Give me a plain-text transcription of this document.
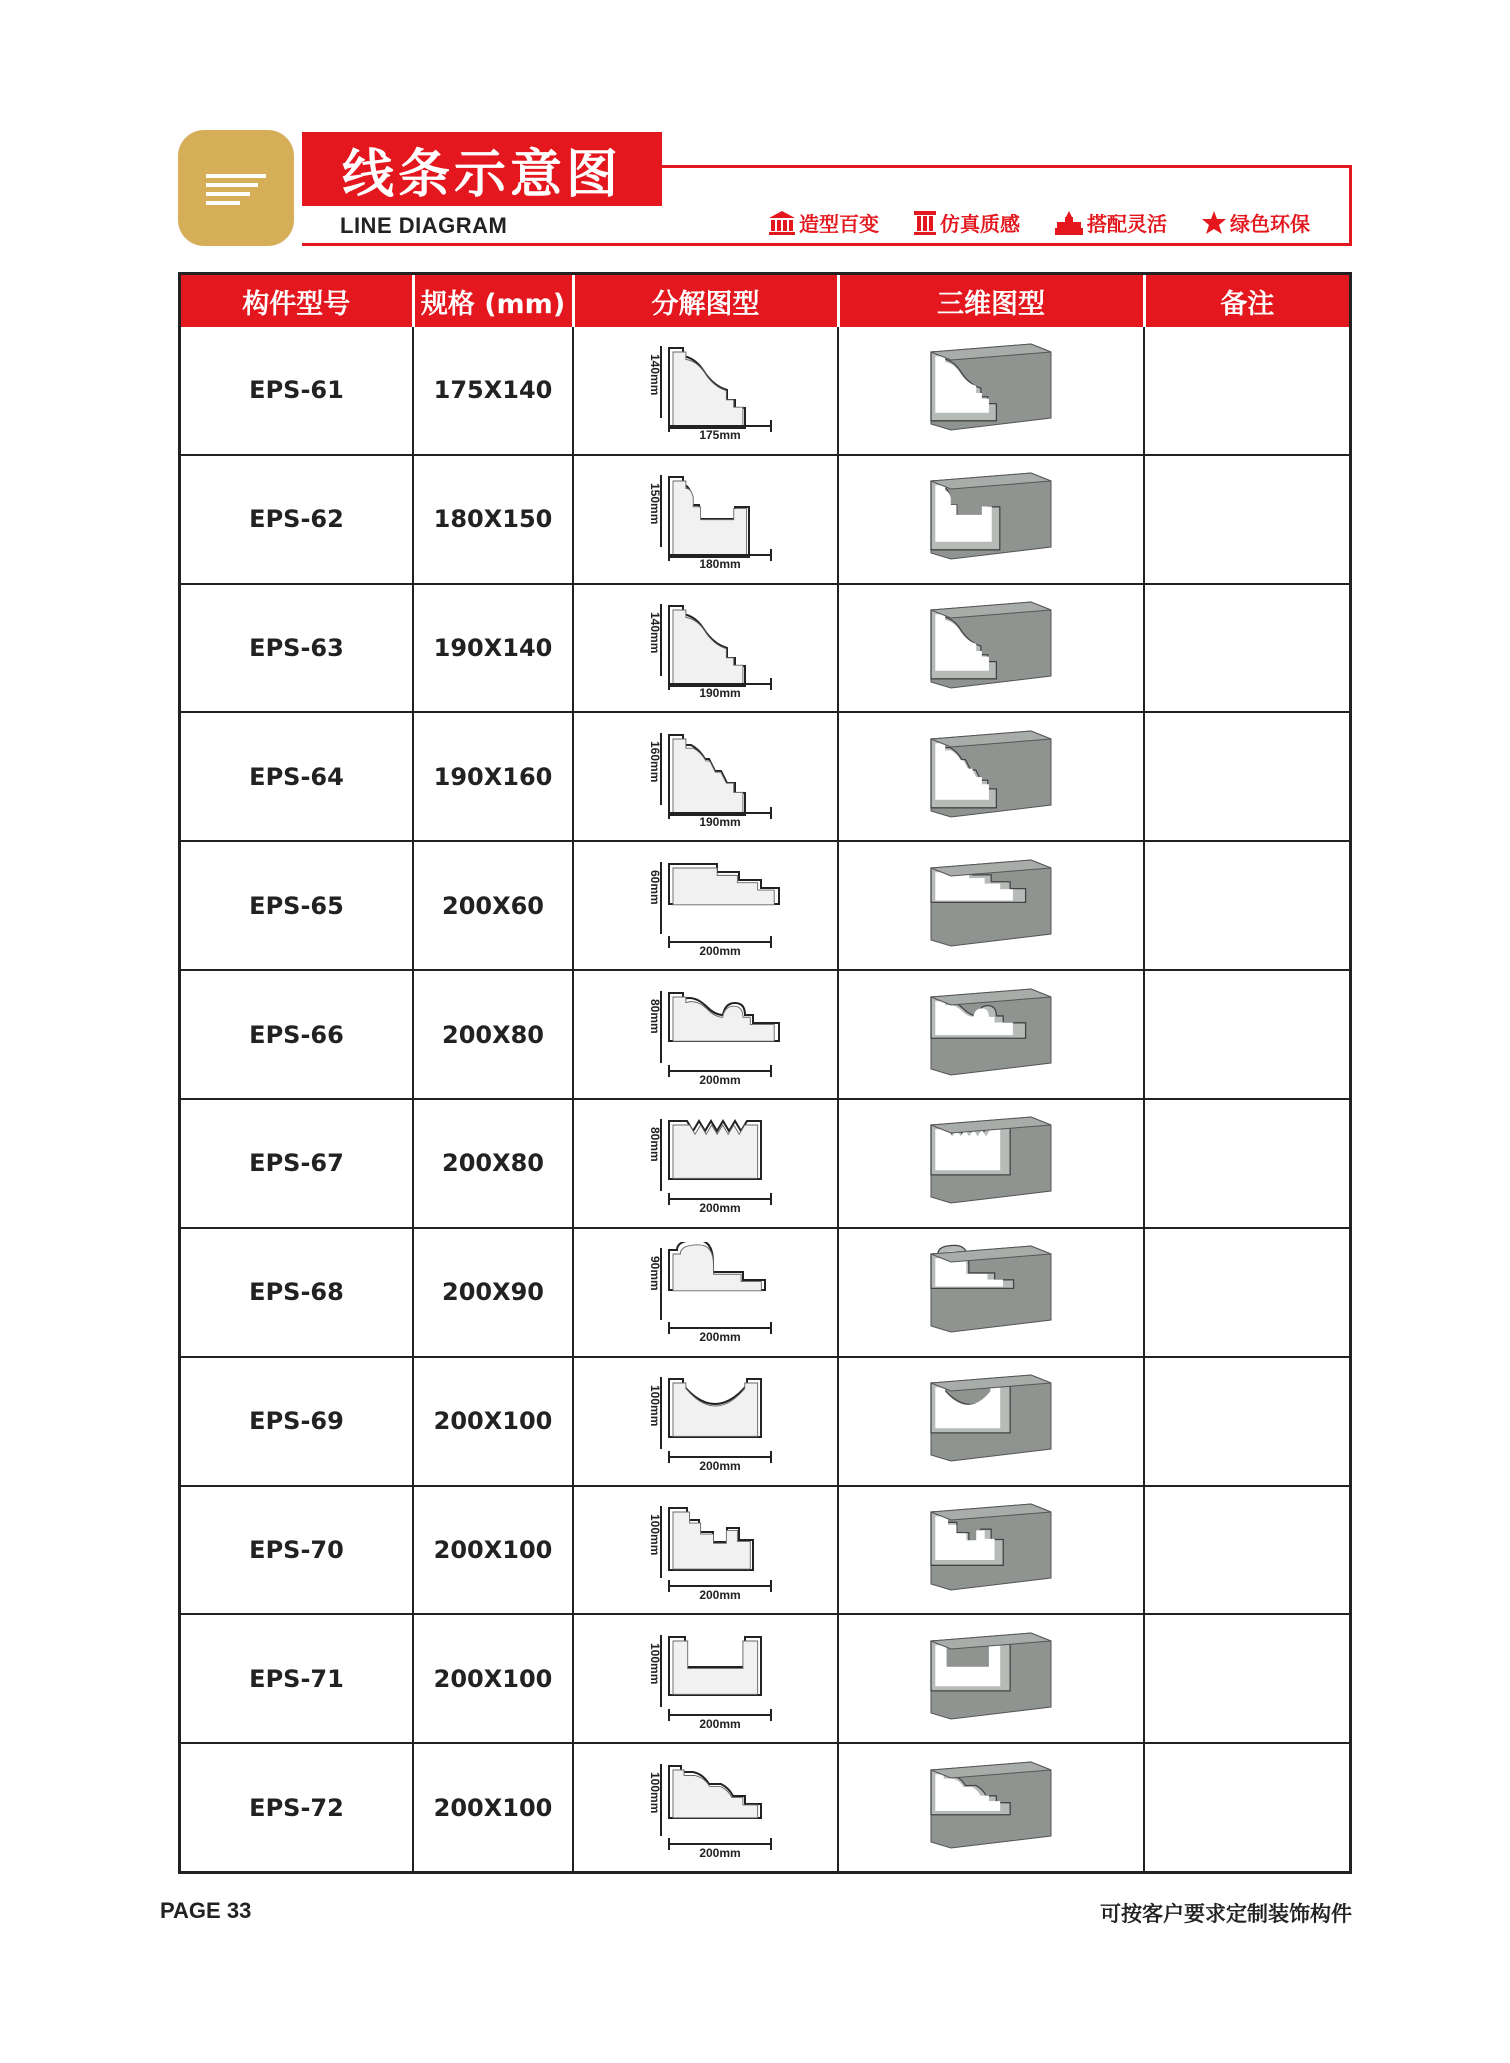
线条示意图
LINE DIAGRAM	造型百变	仿真质感	搭配灵活	绿色环保
构件型号	规格 (mm)	分解图型	三维图型	备注
EPS-61	175X140	140mm
175mm

EPS-62	180X150	150mm
180mm

EPS-63	190X140	140mm
190mm

EPS-64	190X160	160mm
190mm

EPS-65	200X60	60mm
200mm

EPS-66	200X80	80mm
200mm

EPS-67	200X80	80mm
200mm

EPS-68	200X90	90mm
200mm

EPS-69	200X100	100mm
200mm

EPS-70	200X100	100mm
200mm

EPS-71	200X100	100mm
200mm

EPS-72	200X100	100mm
200mm

PAGE 33	可按客户要求定制装饰构件
